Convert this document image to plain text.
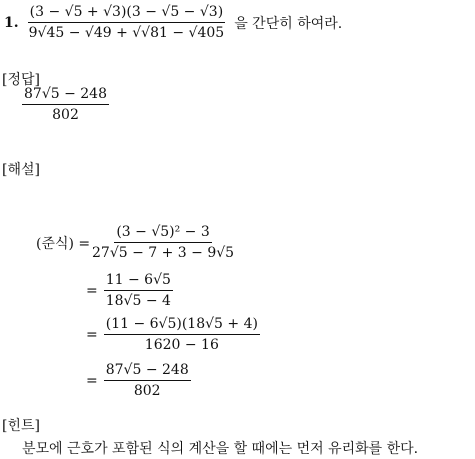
1. $\frac{(3 - √5 + √3)(3 - √5 - √3)}{9√45 - √49 + √√81 - √405}$ 을 간단히 하여라.
[정답]
$\frac{87√5 - 248}{802}$
[해설]
(준식) = $\frac{\text{(3 − √5)² − 3}}{27√5 - 7 + 3 - 9√5}$
= $\frac{11 - 6√5}{18√5 - 4}$
= $\frac{(11 - 6√5)(18√5 + 4)}{1620 - 16}$
= $\frac{87√5 - 248}{802}$
[힌트]
분모에 근호가 포함된 식의 계산을 할 때에는 먼저 유리화를 한다.
